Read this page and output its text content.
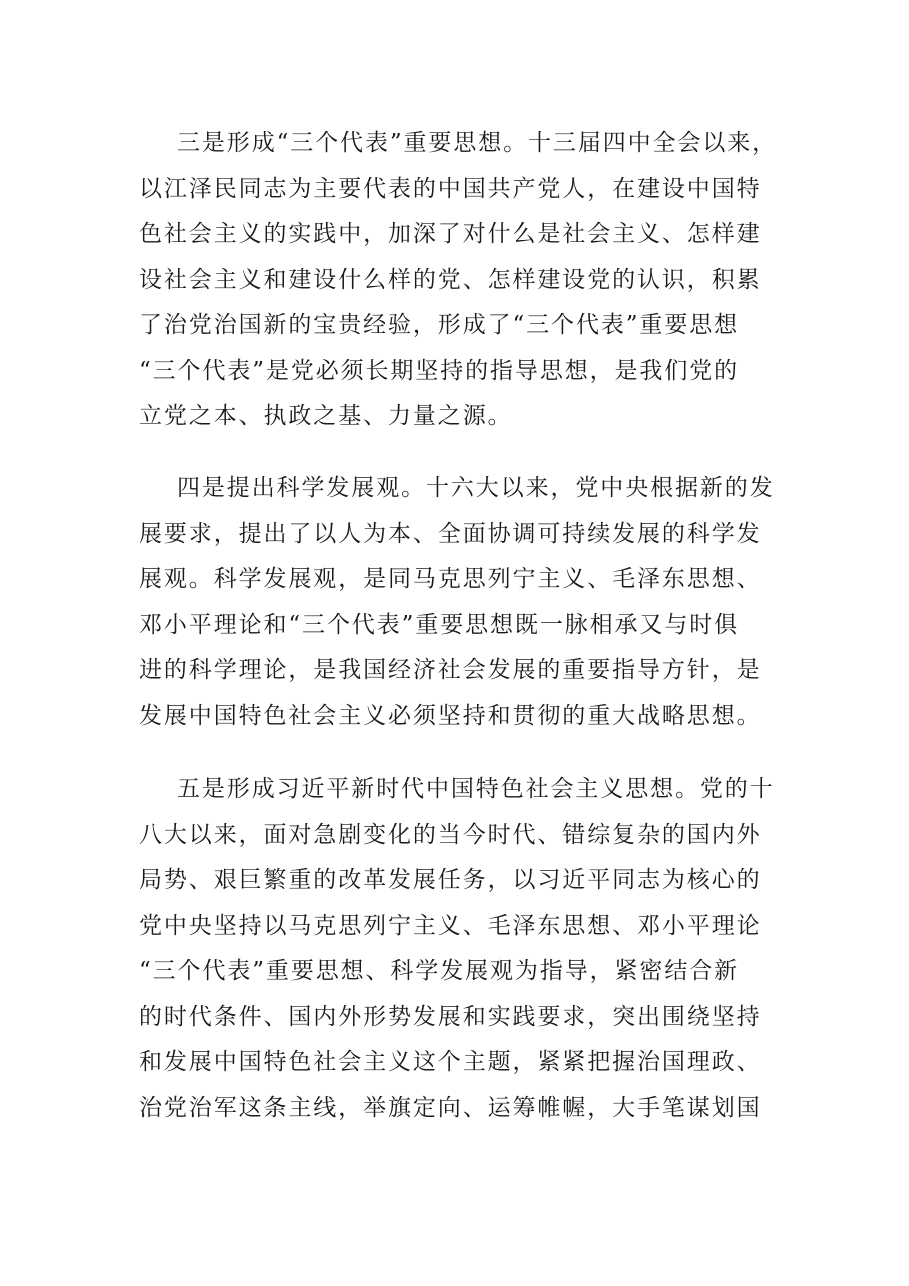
三是形成“三个代表”重要思想。十三届四中全会以来，
以江泽民同志为主要代表的中国共产党人，在建设中国特
色社会主义的实践中，加深了对什么是社会主义、怎样建
设社会主义和建设什么样的党、怎样建设党的认识，积累
了治党治国新的宝贵经验，形成了“三个代表”重要思想
“三个代表”是党必须长期坚持的指导思想，是我们党的
立党之本、执政之基、力量之源。
四是提出科学发展观。十六大以来，党中央根据新的发
展要求，提出了以人为本、全面协调可持续发展的科学发
展观。科学发展观，是同马克思列宁主义、毛泽东思想、
邓小平理论和“三个代表”重要思想既一脉相承又与时俱
进的科学理论，是我国经济社会发展的重要指导方针，是
发展中国特色社会主义必须坚持和贯彻的重大战略思想。
五是形成习近平新时代中国特色社会主义思想。党的十
八大以来，面对急剧变化的当今时代、错综复杂的国内外
局势、艰巨繁重的改革发展任务，以习近平同志为核心的
党中央坚持以马克思列宁主义、毛泽东思想、邓小平理论
“三个代表”重要思想、科学发展观为指导，紧密结合新
的时代条件、国内外形势发展和实践要求，突出围绕坚持
和发展中国特色社会主义这个主题，紧紧把握治国理政、
治党治军这条主线，举旗定向、运筹帷幄，大手笔谋划国
